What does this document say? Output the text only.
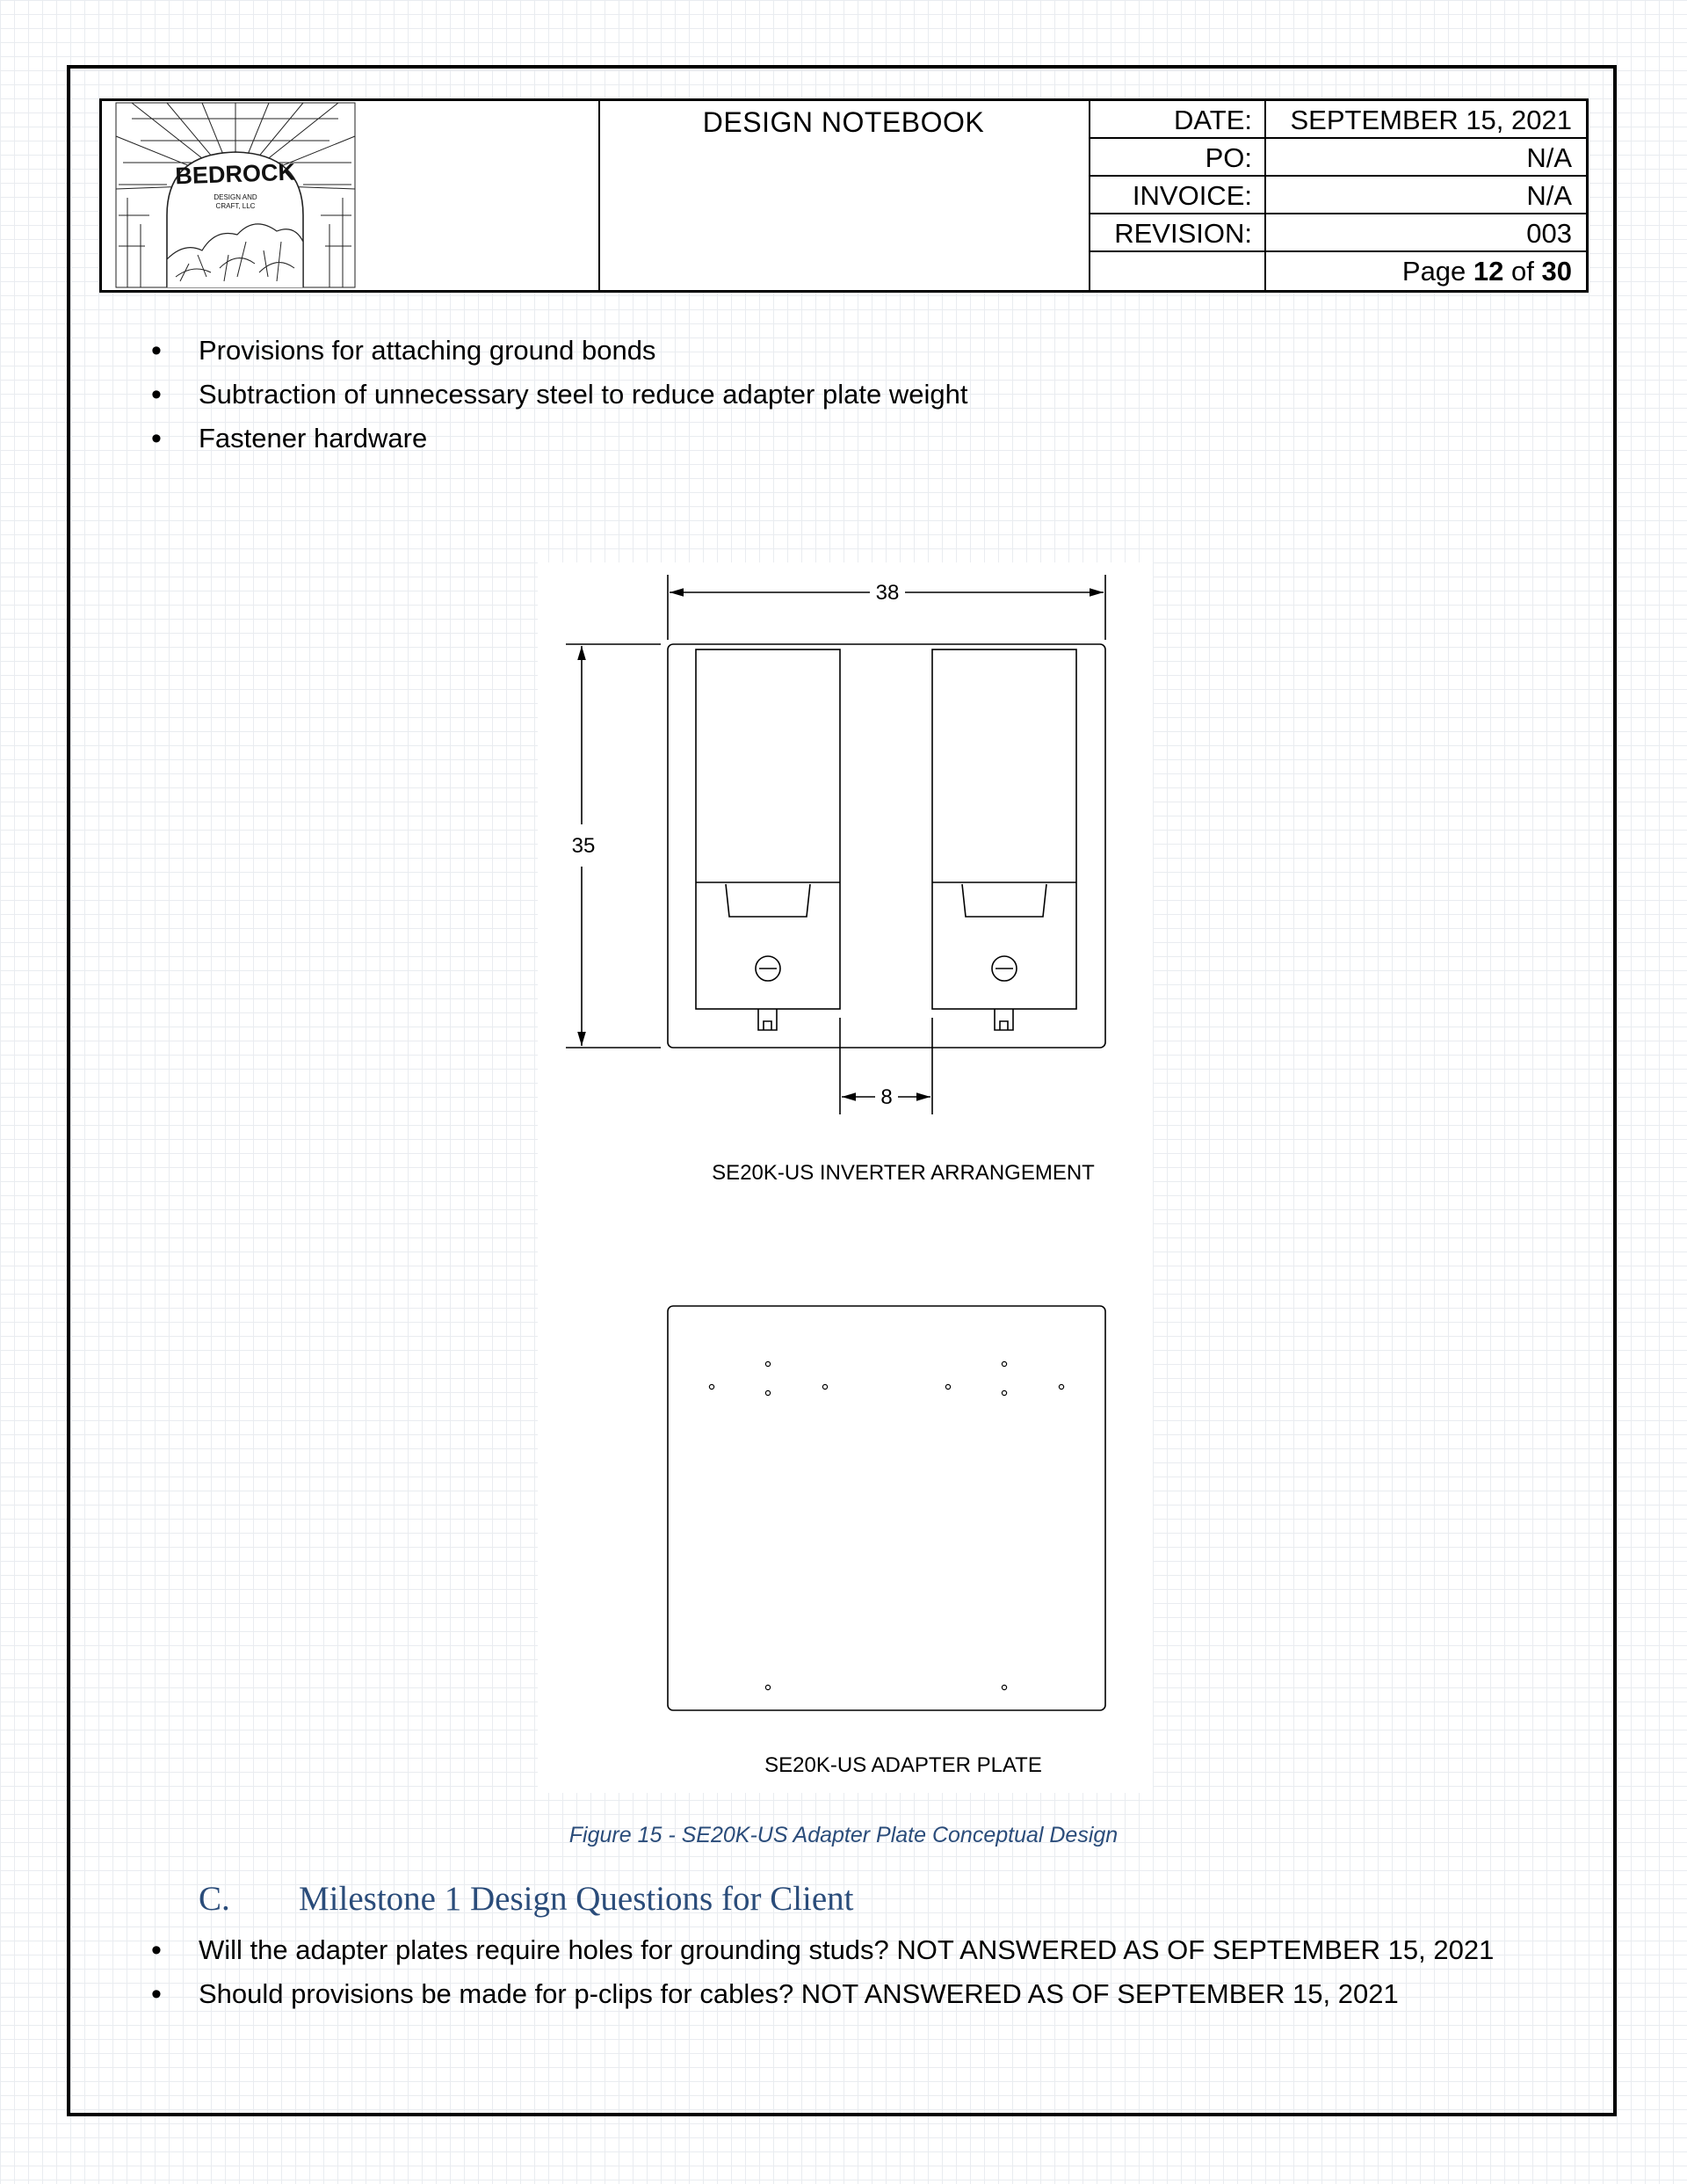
BEDROCK
DESIGN AND
CRAFT, LLC
DESIGN NOTEBOOK	DATE:	SEPTEMBER 15, 2021
PO:	N/A
INVOICE:	N/A
REVISION:	003
Page 12 of 30
• Provisions for attaching ground bonds
• Subtraction of unnecessary steel to reduce adapter plate weight
• Fastener hardware
38
35
8
SE20K-US INVERTER ARRANGEMENT
SE20K-US ADAPTER PLATE
Figure 15 - SE20K-US Adapter Plate Conceptual Design
C. Milestone 1 Design Questions for Client
• Will the adapter plates require holes for grounding studs? NOT ANSWERED AS OF SEPTEMBER 15, 2021
• Should provisions be made for p-clips for cables? NOT ANSWERED AS OF SEPTEMBER 15, 2021
